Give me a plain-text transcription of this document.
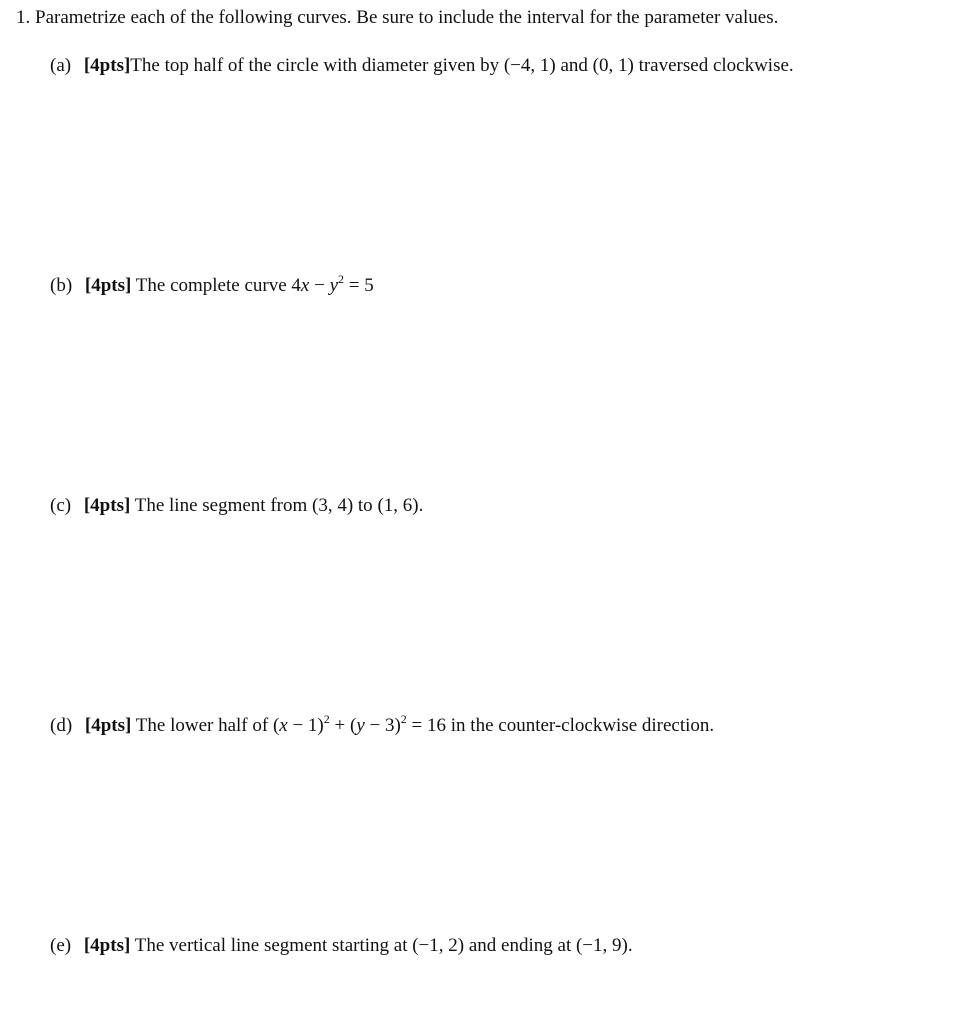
1. Parametrize each of the following curves. Be sure to include the interval for the parameter values.
(a) [4pts]The top half of the circle with diameter given by (−4, 1) and (0, 1) traversed clockwise.
(b) [4pts] The complete curve $4x - y^2 = 5$
(c) [4pts] The line segment from (3, 4) to (1, 6).
(d) [4pts] The lower half of $(x - 1)^2 + (y - 3)^2 = 16$ in the counter-clockwise direction.
(e) [4pts] The vertical line segment starting at (−1, 2) and ending at (−1, 9).
